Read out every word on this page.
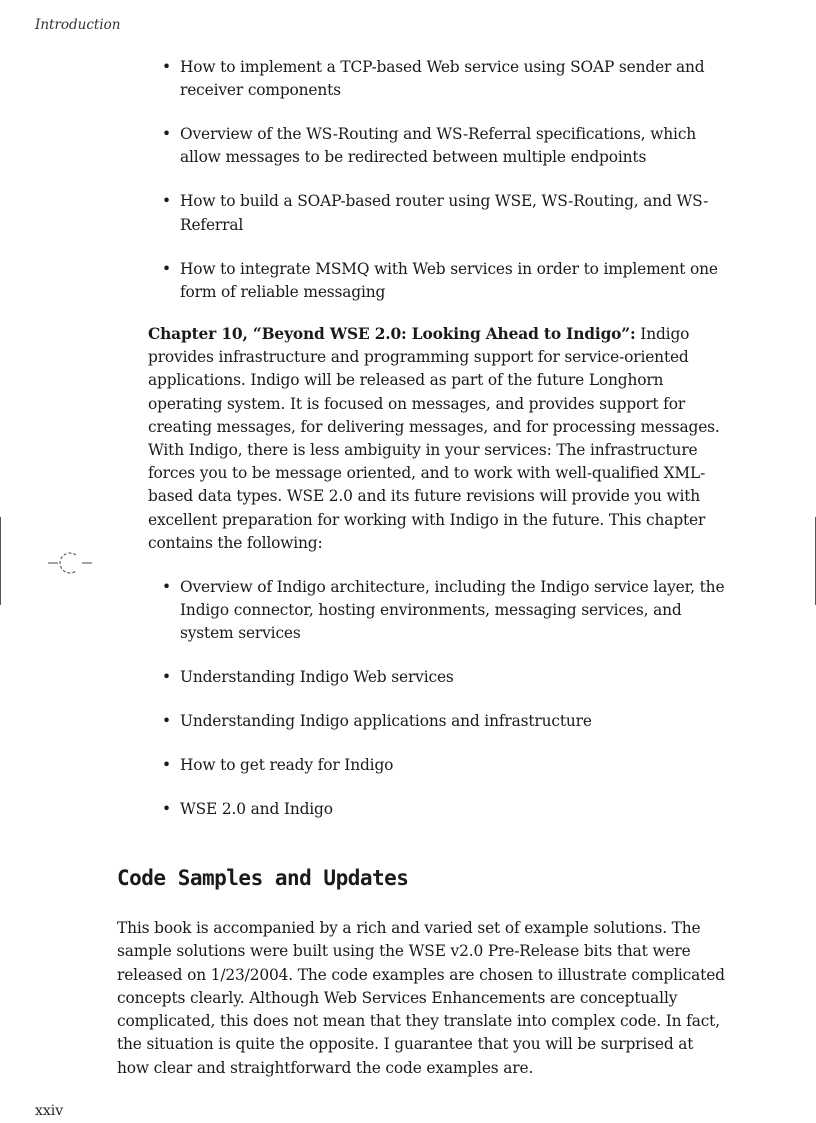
Introduction
• How to implement a TCP-based Web service using SOAP sender and receiver components
• Overview of the WS-Routing and WS-Referral specifications, which allow messages to be redirected between multiple endpoints
• How to build a SOAP-based router using WSE, WS-Routing, and WS-Referral
• How to integrate MSMQ with Web services in order to implement one form of reliable messaging

Chapter 10, “Beyond WSE 2.0: Looking Ahead to Indigo”: Indigo provides infrastructure and programming support for service-oriented applications. Indigo will be released as part of the future Longhorn operating system. It is focused on messages, and provides support for creating messages, for delivering messages, and for processing messages. With Indigo, there is less ambiguity in your services: The infrastructure forces you to be message oriented, and to work with well-qualified XML-based data types. WSE 2.0 and its future revisions will provide you with excellent preparation for working with Indigo in the future. This chapter contains the following:

• Overview of Indigo architecture, including the Indigo service layer, the Indigo connector, hosting environments, messaging services, and system services
• Understanding Indigo Web services
• Understanding Indigo applications and infrastructure
• How to get ready for Indigo
• WSE 2.0 and Indigo
Code Samples and Updates

This book is accompanied by a rich and varied set of example solutions. The sample solutions were built using the WSE v2.0 Pre-Release bits that were released on 1/23/2004. The code examples are chosen to illustrate complicated concepts clearly. Although Web Services Enhancements are conceptually complicated, this does not mean that they translate into complex code. In fact, the situation is quite the opposite. I guarantee that you will be surprised at how clear and straightforward the code examples are.

xxiv
